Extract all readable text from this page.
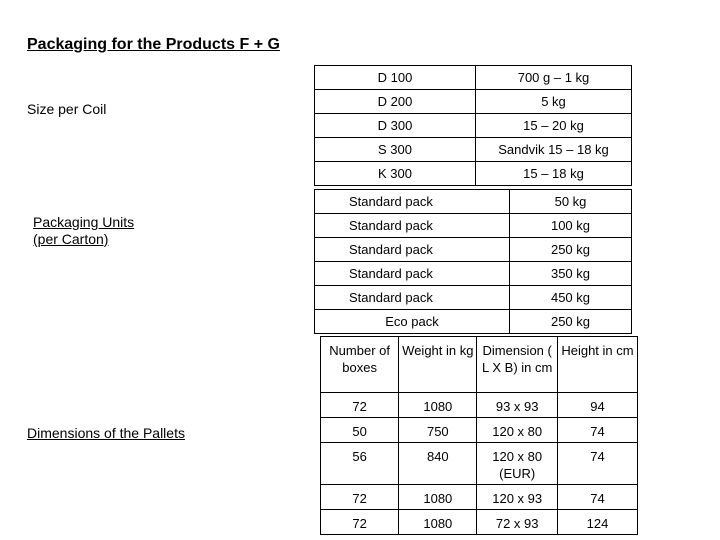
Packaging for the Products F + G
Size per Coil
Packaging Units
(per Carton)
Dimensions of the Pallets
D 100	700 g – 1 kg
D 200	5 kg
D 300	15 – 20 kg
S 300	Sandvik 15 – 18 kg
K 300	15 – 18 kg
Standard pack	50 kg
Standard pack	100 kg
Standard pack	250 kg
Standard pack	350 kg
Standard pack	450 kg
Eco pack	250 kg
Number of boxes	Weight in kg	Dimension ( L X B) in cm	Height in cm
72	1080	93 x 93	94
50	750	120 x 80	74
56	840	120 x 80 (EUR)	74
72	1080	120 x 93	74
72	1080	72 x 93	124
